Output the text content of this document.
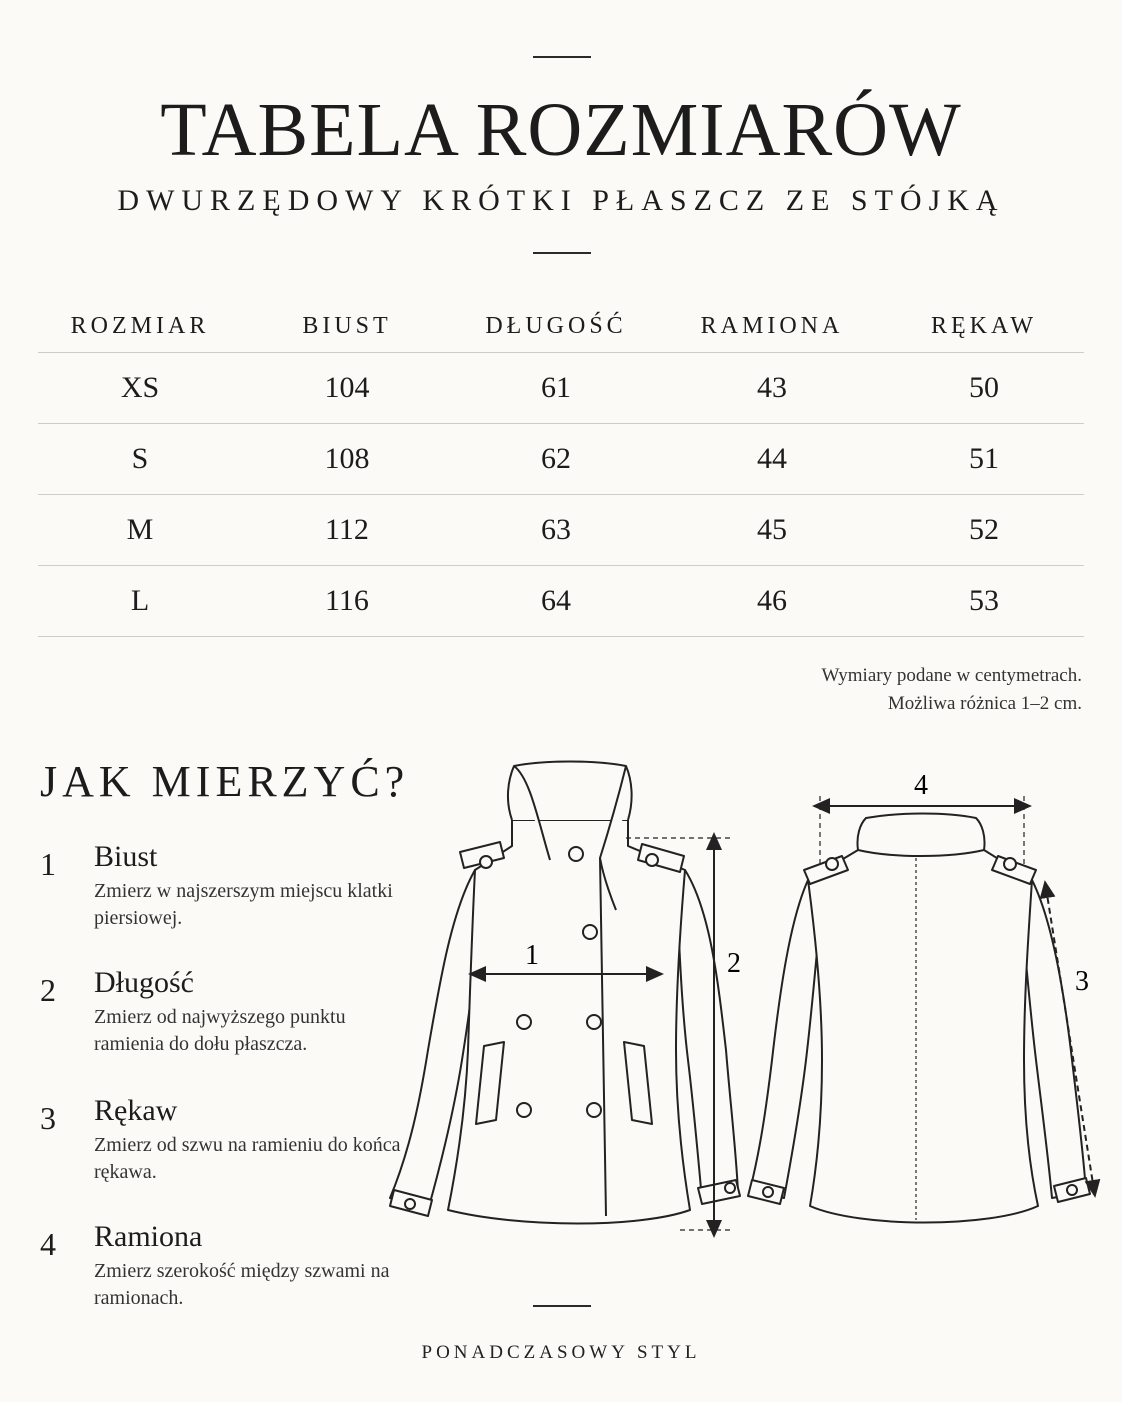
TABELA ROZMIARÓW
DWURZĘDOWY KRÓTKI PŁASZCZ ZE STÓJKĄ
ROZMIAR	BIUST	DŁUGOŚĆ	RAMIONA	RĘKAW
XS	104	61	43	50
S	108	62	44	51
M	112	63	45	52
L	116	64	46	53
Wymiary podane w centymetrach.
Możliwa różnica 1–2 cm.
JAK MIERZYĆ?
1 Biust
Zmierz w najszerszym miejscu klatki piersiowej.
2 Długość
Zmierz od najwyższego punktu ramienia do dołu płaszcza.
3 Rękaw
Zmierz od szwu na ramieniu do końca rękawa.
4 Ramiona
Zmierz szerokość między szwami na ramionach.
1	2
4
3
PONADCZASOWY STYL
